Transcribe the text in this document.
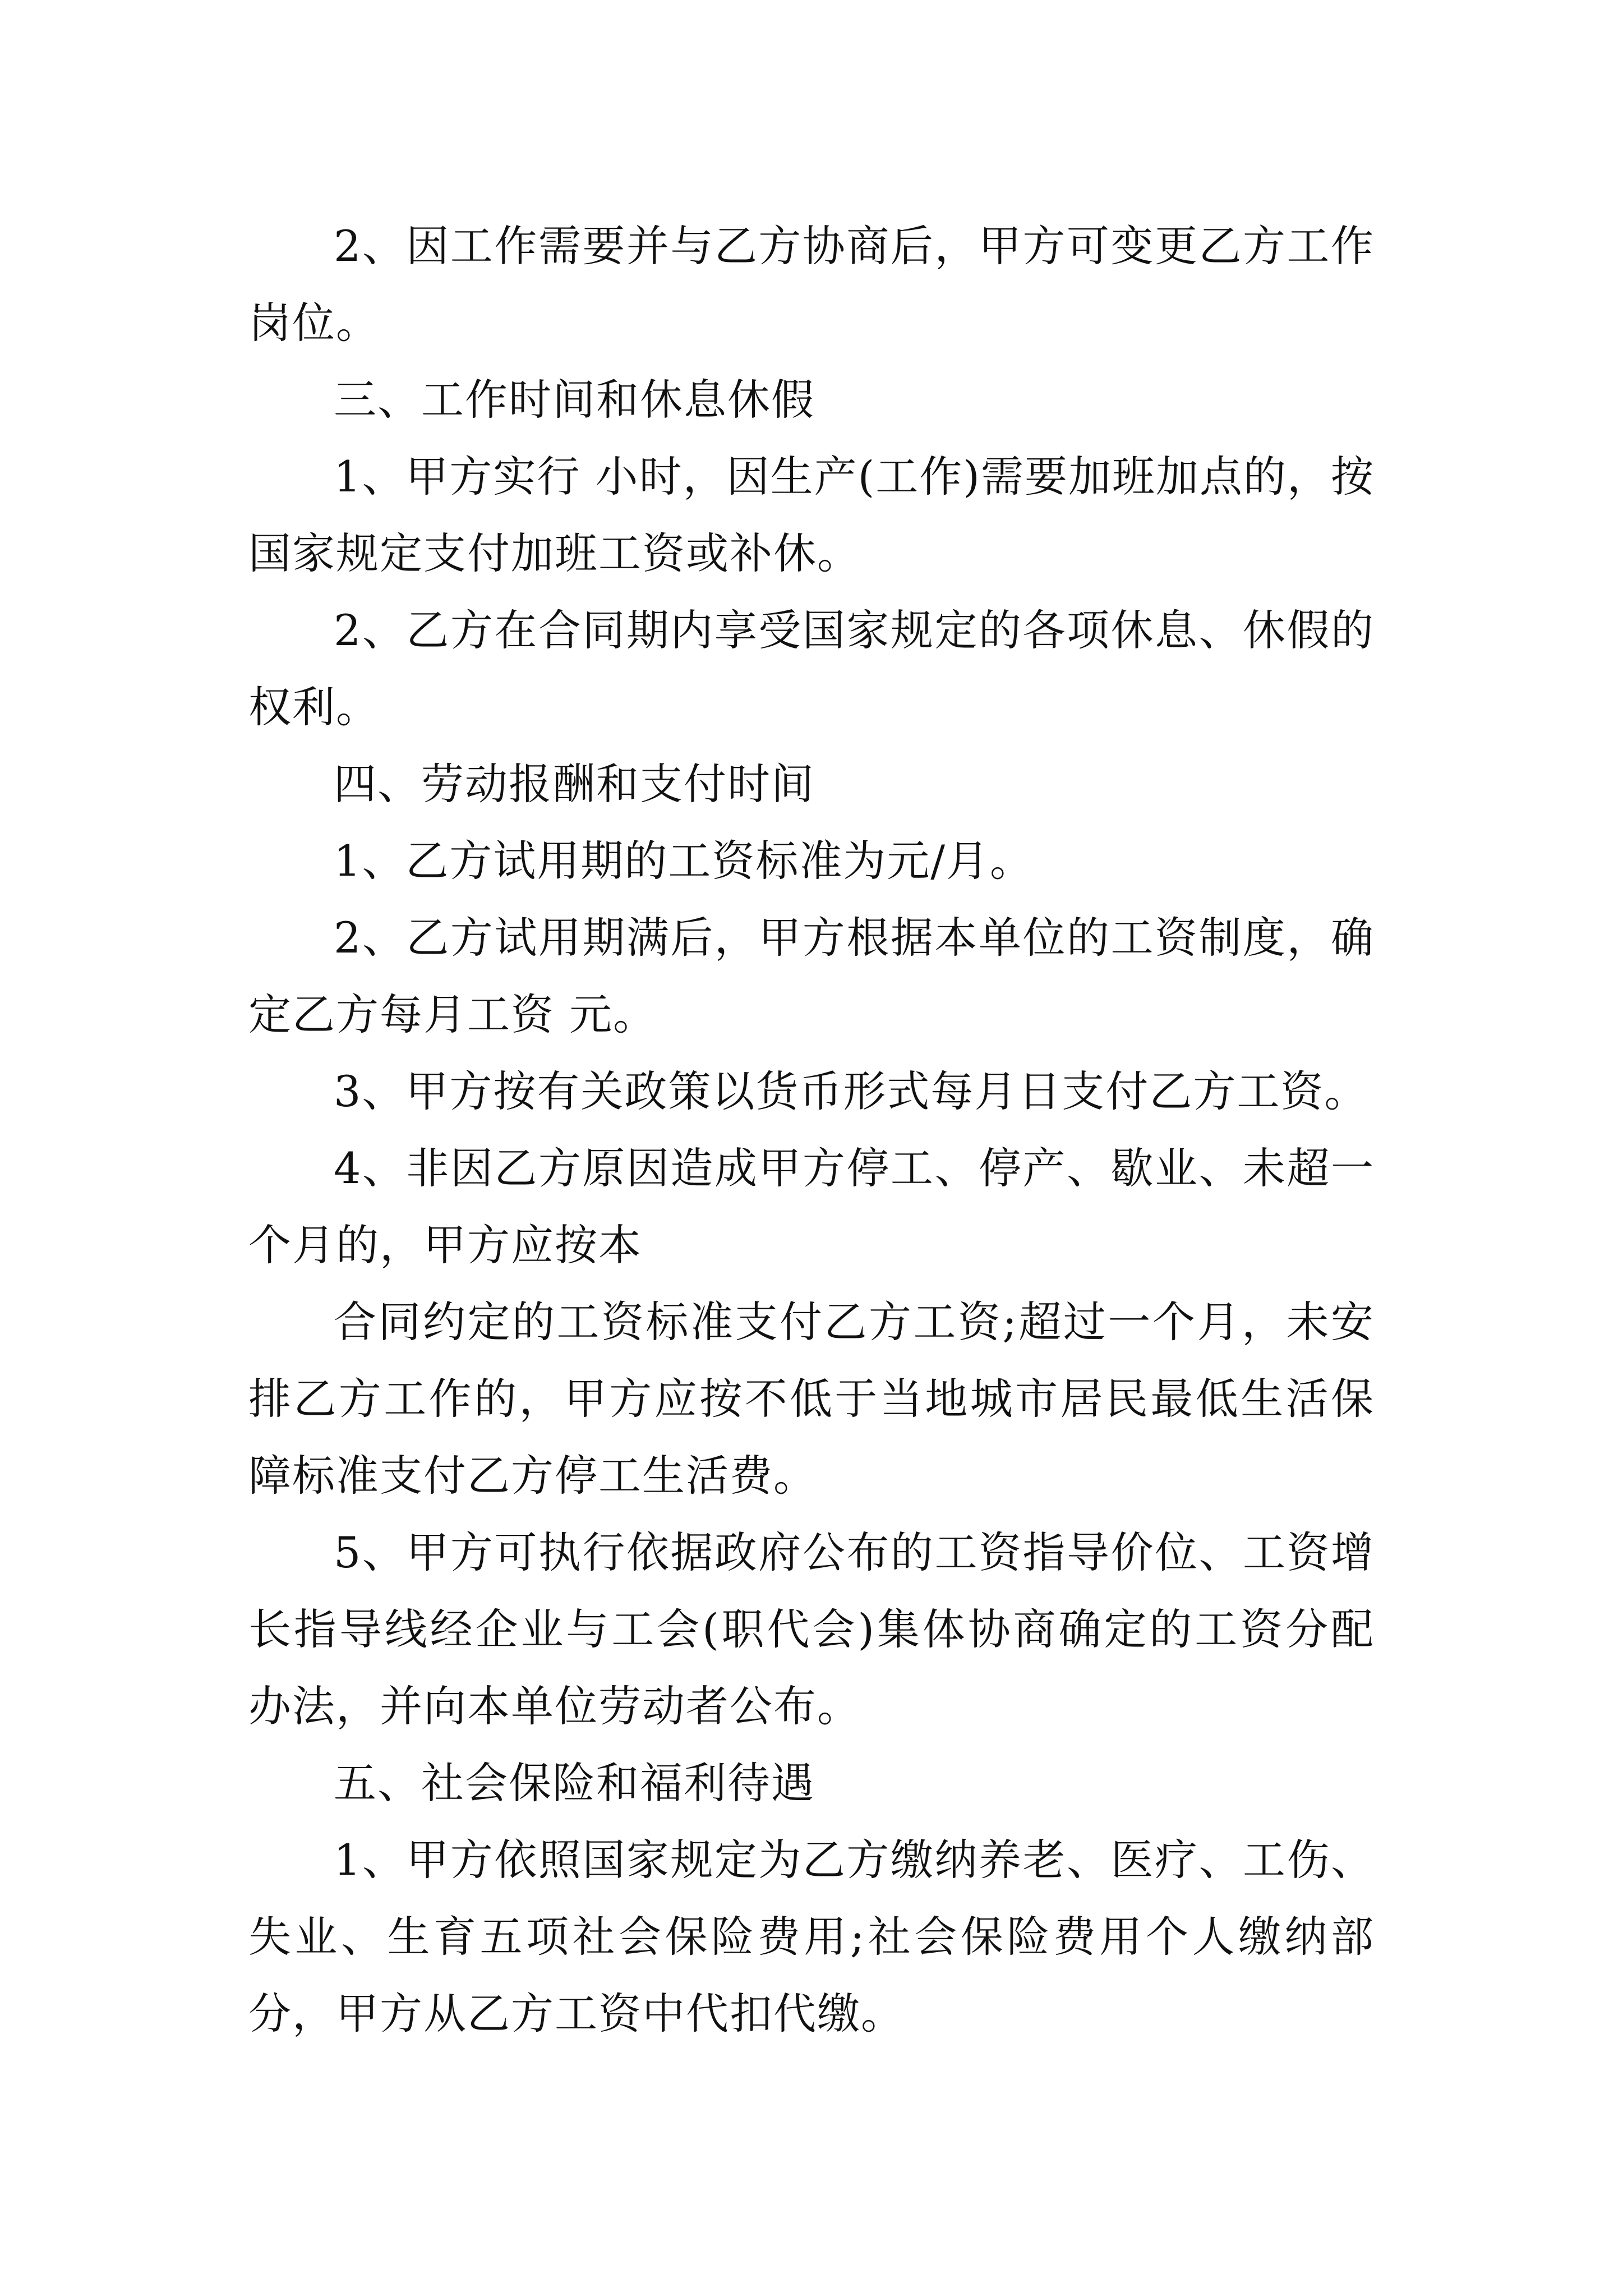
2、因工作需要并与乙方协商后，甲方可变更乙方工作岗位。

三、工作时间和休息休假

1、甲方实行 小时，因生产(工作)需要加班加点的，按国家规定支付加班工资或补休。

2、乙方在合同期内享受国家规定的各项休息、休假的权利。

四、劳动报酬和支付时间

1、乙方试用期的工资标准为元/月。

2、乙方试用期满后，甲方根据本单位的工资制度，确定乙方每月工资 元。

3、甲方按有关政策以货币形式每月日支付乙方工资。

4、非因乙方原因造成甲方停工、停产、歇业、未超一个月的，甲方应按本

合同约定的工资标准支付乙方工资;超过一个月，未安排乙方工作的，甲方应按不低于当地城市居民最低生活保障标准支付乙方停工生活费。

5、甲方可执行依据政府公布的工资指导价位、工资增长指导线经企业与工会(职代会)集体协商确定的工资分配办法，并向本单位劳动者公布。

五、社会保险和福利待遇

1、甲方依照国家规定为乙方缴纳养老、医疗、工伤、失业、生育五项社会保险费用;社会保险费用个人缴纳部分，甲方从乙方工资中代扣代缴。
